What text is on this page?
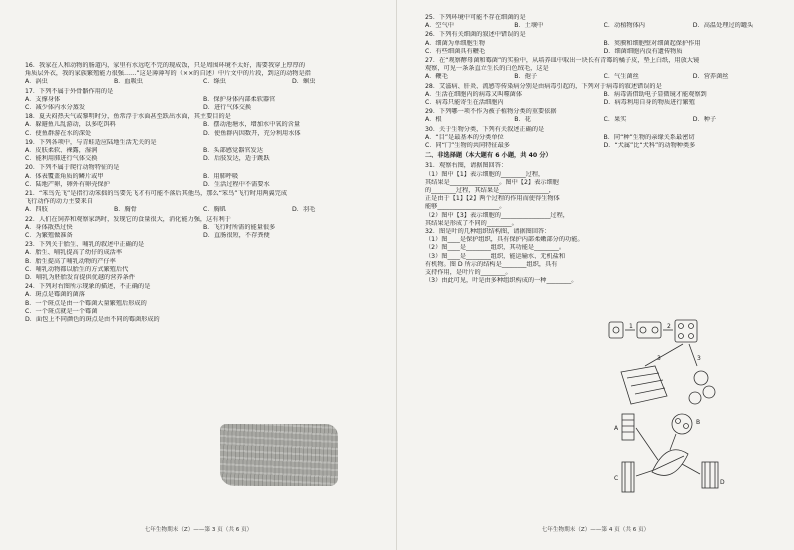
16．我家在人和动物的肠道内，家里有水远吃不完的现成饭，只是周围环境不太好，需要我穿上厚厚的
角质层外衣，我的家族繁殖能力很强……”这是薄薄写的（××的自述）中片文中的片段，到这的动物是指
A．涡虫	B．血吸虫	C．绦虫	D．蛔虫
17．下列不属于外骨骼作用的是
A．支撑身体	B．保护身体内部柔软器官
C．减少体内水分蒸发	D．进行气体交换
18．夏天闷热天气或黎明时分，鱼常浮于水面甚至跃出水面，其主要目的是
A．躲避鱼儿乱游动，以多吃饵料	B．摆动池塘水，增加水中氧的含量
C．使鱼群游在水的深处	D．使鱼群内因数开，充分利用水体
19．下列各项中，与青蛙适应陆地生活无关的是
A．皮肤柔软、裸露，湿润	B．头部感觉器官发达
C．能利用肺进行气体交换	D．后肢发达，适于跳跃
20．下列不属于爬行动物特征的是
A．体表覆盖角质的鳞片或甲	B．用肺呼吸
C．陆地产卵，卵外有卵壳保护	D．生活过程中不需要水
21．“笨鸟先飞”是指行动笨拙的鸟要先飞才有可能不落后其他鸟，那么“笨鸟”飞行时用两翼完成
飞行动作的动力主要来自
A．四肢	B．胸骨	C．胸肌	D．羽毛
22．人们在饲养和观察家鸽时，发现它的食量很大，消化能力强，这有利于
A．身体散热过快	B．飞行时所需的能量很多
C．为繁殖做准备	D．直肠很短，不存粪便
23．下列关于胎生、哺乳的叙述中正确的是
A．胎生、哺乳提高了幼仔的成活率
B．胎生提高了哺乳动物的产仔率
C．哺乳动物都以胎生的方式繁殖后代
D．哺乳为胚胎发育提供优越的营养条件
24．下列对右图所示现象的描述，不正确的是
A．斑点是霉菌的菌落
B．一个斑点是由一个霉菌大量繁殖后形成的
C．一个斑点就是一个霉菌
D．面包上不同颜色的斑点是由不同的霉菌形成的
七年生物期末（Z）——第 3 页（共 6 页）
25．下列环境中可能不存在细菌的是
A．空气中	B．土壤中	C．动植物体内	D．高温处理过的罐头
26．下列有关细菌的叙述中错误的是
A．细菌为单细胞生物	B．荚膜和细胞壁对细菌起保护作用
C．有些细菌具有鞭毛	D．细菌细胞内没有遗传物质
27．在“观察酵母菌和霉菌”的实验中，从培养皿中取出一块长有青霉的橘子皮，垫上白纸，用放大镜
观察，可见一条条直立生长的白色绒毛，这是
A．鞭毛	B．孢子	C．气生菌丝	D．营养菌丝
28．艾滋病、肝炎、流感等传染病分别是由病毒引起的，下列对于病毒的叙述错误的是
A．生活在细胞内的病毒又叫噬菌体	B．病毒需借助电子显微镜才能观察到
C．病毒只能寄生在活细胞内	D．病毒利用自身的物质进行繁殖
29．下列哪一项不作为被子植物分类的重要依据
A．根	B．花	C．果实	D．种子
30．关于生物分类，下列有关叙述正确的是
A．“目”是最基本的分类单位	B．同“种”生物的亲缘关系最密切
C．同“门”生物的共同特征最多	D．“犬属”比“犬科”的动物种类多
二、非选择题（本大题有 6 小题，共 40 分）
31．观察右图，请据图回答：
（1）图中【1】表示细胞的________过程，
其结果是________________。图中【2】表示细胞
的________过程，其结果是________________，
正是由于【1】【2】两个过程的作用而使得生物体
能够____________________。
（2）图中【3】表示细胞的________________过程，
其结果是形成了不同的________。
32．图是叶的几种组织结构图，请据图回答：
（1）图____是保护组织，具有保护内部柔嫩部分的功能。
（2）图____是________组织，其功能是________。
（3）图____是________组织，能运输水、无机盐和
有机物。图 D 所示的结构是________组织，具有
支持作用，是叶片的________。
（3）由此可见，叶是由多种组织构成的一种________。
七年生物期末（Z）——第 4 页（共 6 页）
1	2
3	3
A
B
C
D
